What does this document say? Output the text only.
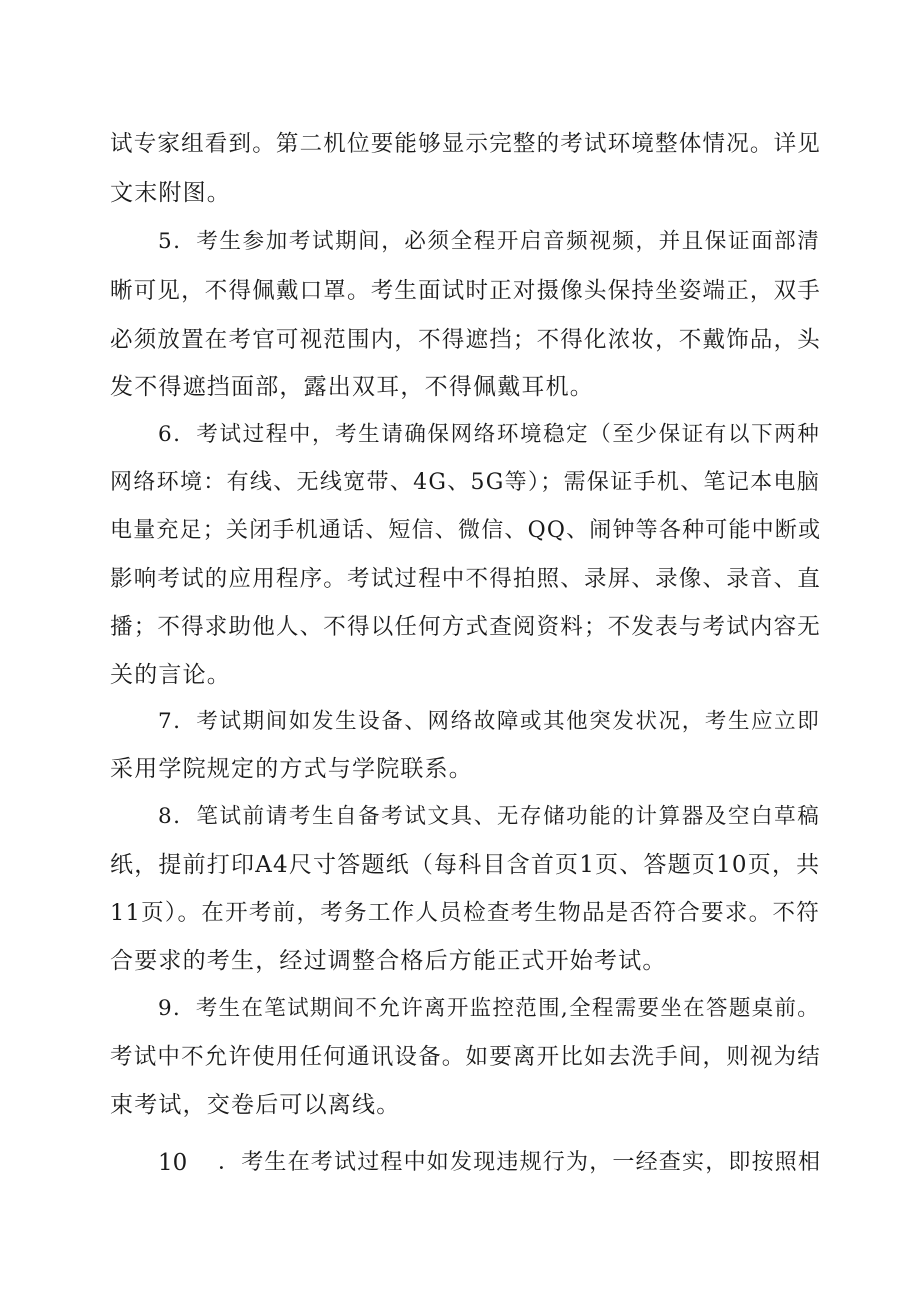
试专家组看到。第二机位要能够显示完整的考试环境整体情况。详见
文末附图。
5．考生参加考试期间，必须全程开启音频视频，并且保证面部清
晰可见，不得佩戴口罩。考生面试时正对摄像头保持坐姿端正，双手
必须放置在考官可视范围内，不得遮挡；不得化浓妆，不戴饰品，头
发不得遮挡面部，露出双耳，不得佩戴耳机。
6．考试过程中，考生请确保网络环境稳定（至少保证有以下两种
网络环境：有线、无线宽带、4G、5G等）；需保证手机、笔记本电脑
电量充足；关闭手机通话、短信、微信、QQ、闹钟等各种可能中断或
影响考试的应用程序。考试过程中不得拍照、录屏、录像、录音、直
播；不得求助他人、不得以任何方式查阅资料；不发表与考试内容无
关的言论。
7．考试期间如发生设备、网络故障或其他突发状况，考生应立即
采用学院规定的方式与学院联系。
8．笔试前请考生自备考试文具、无存储功能的计算器及空白草稿
纸，提前打印A4尺寸答题纸（每科目含首页1页、答题页10页，共
11页）。在开考前，考务工作人员检查考生物品是否符合要求。不符
合要求的考生，经过调整合格后方能正式开始考试。
9．考生在笔试期间不允许离开监控范围,全程需要坐在答题桌前。
考试中不允许使用任何通讯设备。如要离开比如去洗手间，则视为结
束考试，交卷后可以离线。
10 ．考生在考试过程中如发现违规行为，一经查实，即按照相
